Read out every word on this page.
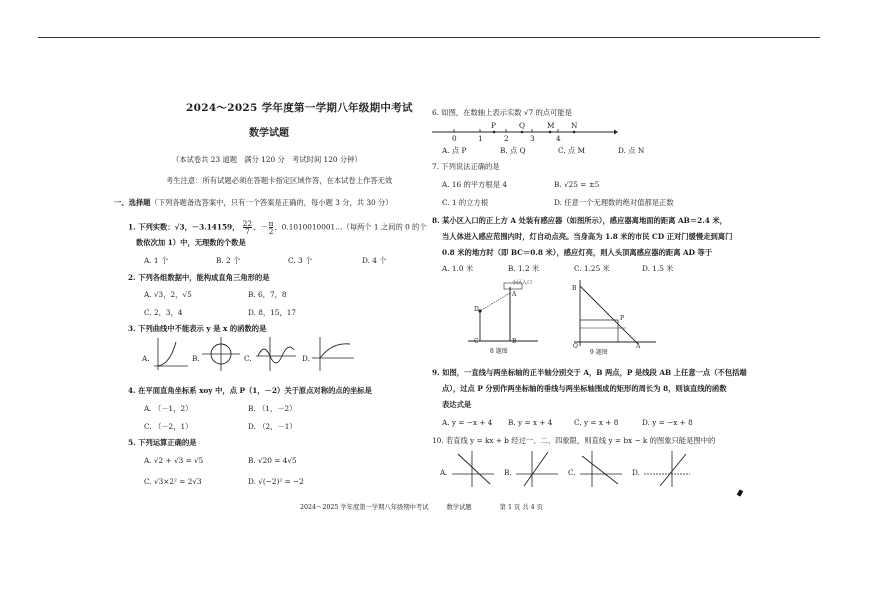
2024～2025 学年度第一学期八年级期中考试
数学试题
（本试卷共 23 道题　满分 120 分　考试时间 120 分钟）
考生注意：所有试题必须在答题卡指定区域作答，在本试卷上作答无效
一、选择题（下列各题备选答案中，只有一个答案是正确的，每小题 3 分，共 30 分）
1. 下列实数：√3，－3.14159， $\frac{22}{7}$ ，－ $\frac{\pi}{2}$ ，0.1010010001…（每两个 1 之间的 0 的个
数依次加 1）中，无理数的个数是
A. 1 个	B. 2 个	C. 3 个	D. 4 个
2. 下列各组数据中，能构成直角三角形的是
A. √3，2，√5	B. 6，7，8
C. 2，3，4	D. 8，15，17
3. 下列曲线中不能表示 y 是 x 的函数的是
A.	B.	C.	D.
4. 在平面直角坐标系 xoy 中，点 P（1，－2）关于原点对称的点的坐标是
A. （－1，2）	B. （1，－2）
C. （－2，1）	D. （2，－1）
5. 下列运算正确的是
A. √2 + √3 = √5	B. √20 = 4√5
C. √3×2² = 2√3	D. √(−2)² = −2
6. 如图，在数轴上表示实数 √7 的点可能是
0	1	2	3	4
P	Q	M N
A. 点 P	B. 点 Q	C. 点 M	D. 点 N
7. 下列说法正确的是
A. 16 的平方根是 4	B. √25 = ±5
C. 1 的立方根	D. 任意一个无理数的绝对值都是正数
8. 某小区入口的正上方 A 处装有感应器（如图所示），感应器离地面的距离 AB＝2.4 米，
当人体进入感应范围内时，灯自动点亮。当身高为 1.8 米的市民 CD 正对门缓慢走到离门
0.8 米的地方时（即 BC＝0.8 米），感应灯亮，则人头顶离感应器的距离 AD 等于
A. 1.0 米	B. 1.2 米	C. 1.25 米	D. 1.5 米
小区入口
A
B
C
D
8 题图
B
P
O	A
9 题图
9. 如图，一直线与两坐标轴的正半轴分别交于 A，B 两点，P 是线段 AB 上任意一点（不包括端
点），过点 P 分别作两坐标轴的垂线与两坐标轴围成的矩形的周长为 8，则该直线的函数
表达式是
A. y = −x + 4 B. y = x + 4	C. y = x + 8	D. y = −x + 8
10. 若直线 y = kx + b 经过一、二、四象限，则直线 y = bx − k 的图象只能是图中的
A.	B.	C.	D.
2024～2025 学年度第一学期八年级期中考试	数学试题	第 1 页 共 4 页
